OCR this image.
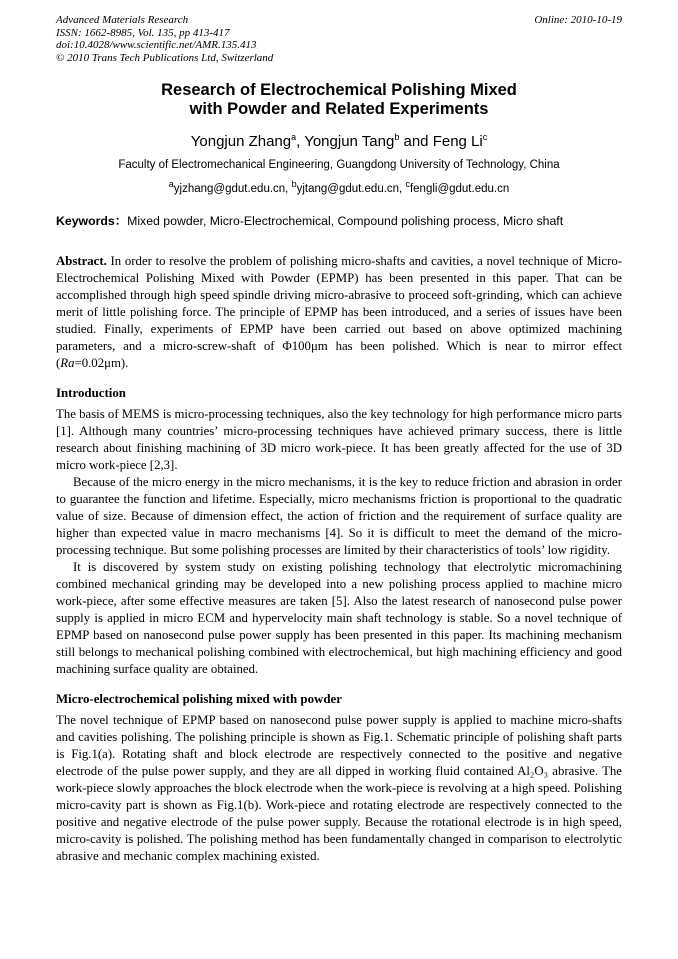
Advanced Materials Research
ISSN: 1662-8985, Vol. 135, pp 413-417
doi:10.4028/www.scientific.net/AMR.135.413
© 2010 Trans Tech Publications Ltd, Switzerland
Online: 2010-10-19
Research of Electrochemical Polishing Mixed
with Powder and Related Experiments
Yongjun Zhang$^a$, Yongjun Tang$^b$ and Feng Li$^c$
Faculty of Electromechanical Engineering, Guangdong University of Technology, China
$^a$yjzhang@gdut.edu.cn, $^b$yjtang@gdut.edu.cn, $^c$fengli@gdut.edu.cn
Keywords：Mixed powder, Micro-Electrochemical, Compound polishing process, Micro shaft

Abstract. In order to resolve the problem of polishing micro-shafts and cavities, a novel technique of Micro-Electrochemical Polishing Mixed with Powder (EPMP) has been presented in this paper. That can be accomplished through high speed spindle driving micro-abrasive to proceed soft-grinding, which can achieve merit of little polishing force. The principle of EPMP has been introduced, and a series of issues have been studied. Finally, experiments of EPMP have been carried out based on above optimized machining parameters, and a micro-screw-shaft of Φ100μm has been polished. Which is near to mirror effect (Ra=0.02μm).

Introduction

The basis of MEMS is micro-processing techniques, also the key technology for high performance micro parts [1]. Although many countries’ micro-processing techniques have achieved primary success, there is little research about finishing machining of 3D micro work-piece. It has been greatly affected for the use of 3D micro work-piece [2,3].

Because of the micro energy in the micro mechanisms, it is the key to reduce friction and abrasion in order to guarantee the function and lifetime. Especially, micro mechanisms friction is proportional to the quadratic value of size. Because of dimension effect, the action of friction and the requirement of surface quality are higher than expected value in macro mechanisms [4]. So it is difficult to meet the demand of the micro-processing technique. But some polishing processes are limited by their characteristics of tools’ low rigidity.

It is discovered by system study on existing polishing technology that electrolytic micromachining combined mechanical grinding may be developed into a new polishing process applied to machine micro work-piece, after some effective measures are taken [5]. Also the latest research of nanosecond pulse power supply is applied in micro ECM and hypervelocity main shaft technology is stable. So a novel technique of EPMP based on nanosecond pulse power supply has been presented in this paper. Its machining mechanism still belongs to mechanical polishing combined with electrochemical, but high machining efficiency and good machining surface quality are obtained.

Micro-electrochemical polishing mixed with powder

The novel technique of EPMP based on nanosecond pulse power supply is applied to machine micro-shafts and cavities polishing. The polishing principle is shown as Fig.1. Schematic principle of polishing shaft parts is Fig.1(a). Rotating shaft and block electrode are respectively connected to the positive and negative electrode of the pulse power supply, and they are all dipped in working fluid contained Al₂O₃ abrasive. The work-piece slowly approaches the block electrode when the work-piece is revolving at a high speed. Polishing micro-cavity part is shown as Fig.1(b). Work-piece and rotating electrode are respectively connected to the positive and negative electrode of the pulse power supply. Because the rotational electrode is in high speed, micro-cavity is polished. The polishing method has been fundamentally changed in comparison to electrolytic abrasive and mechanic complex machining existed.
